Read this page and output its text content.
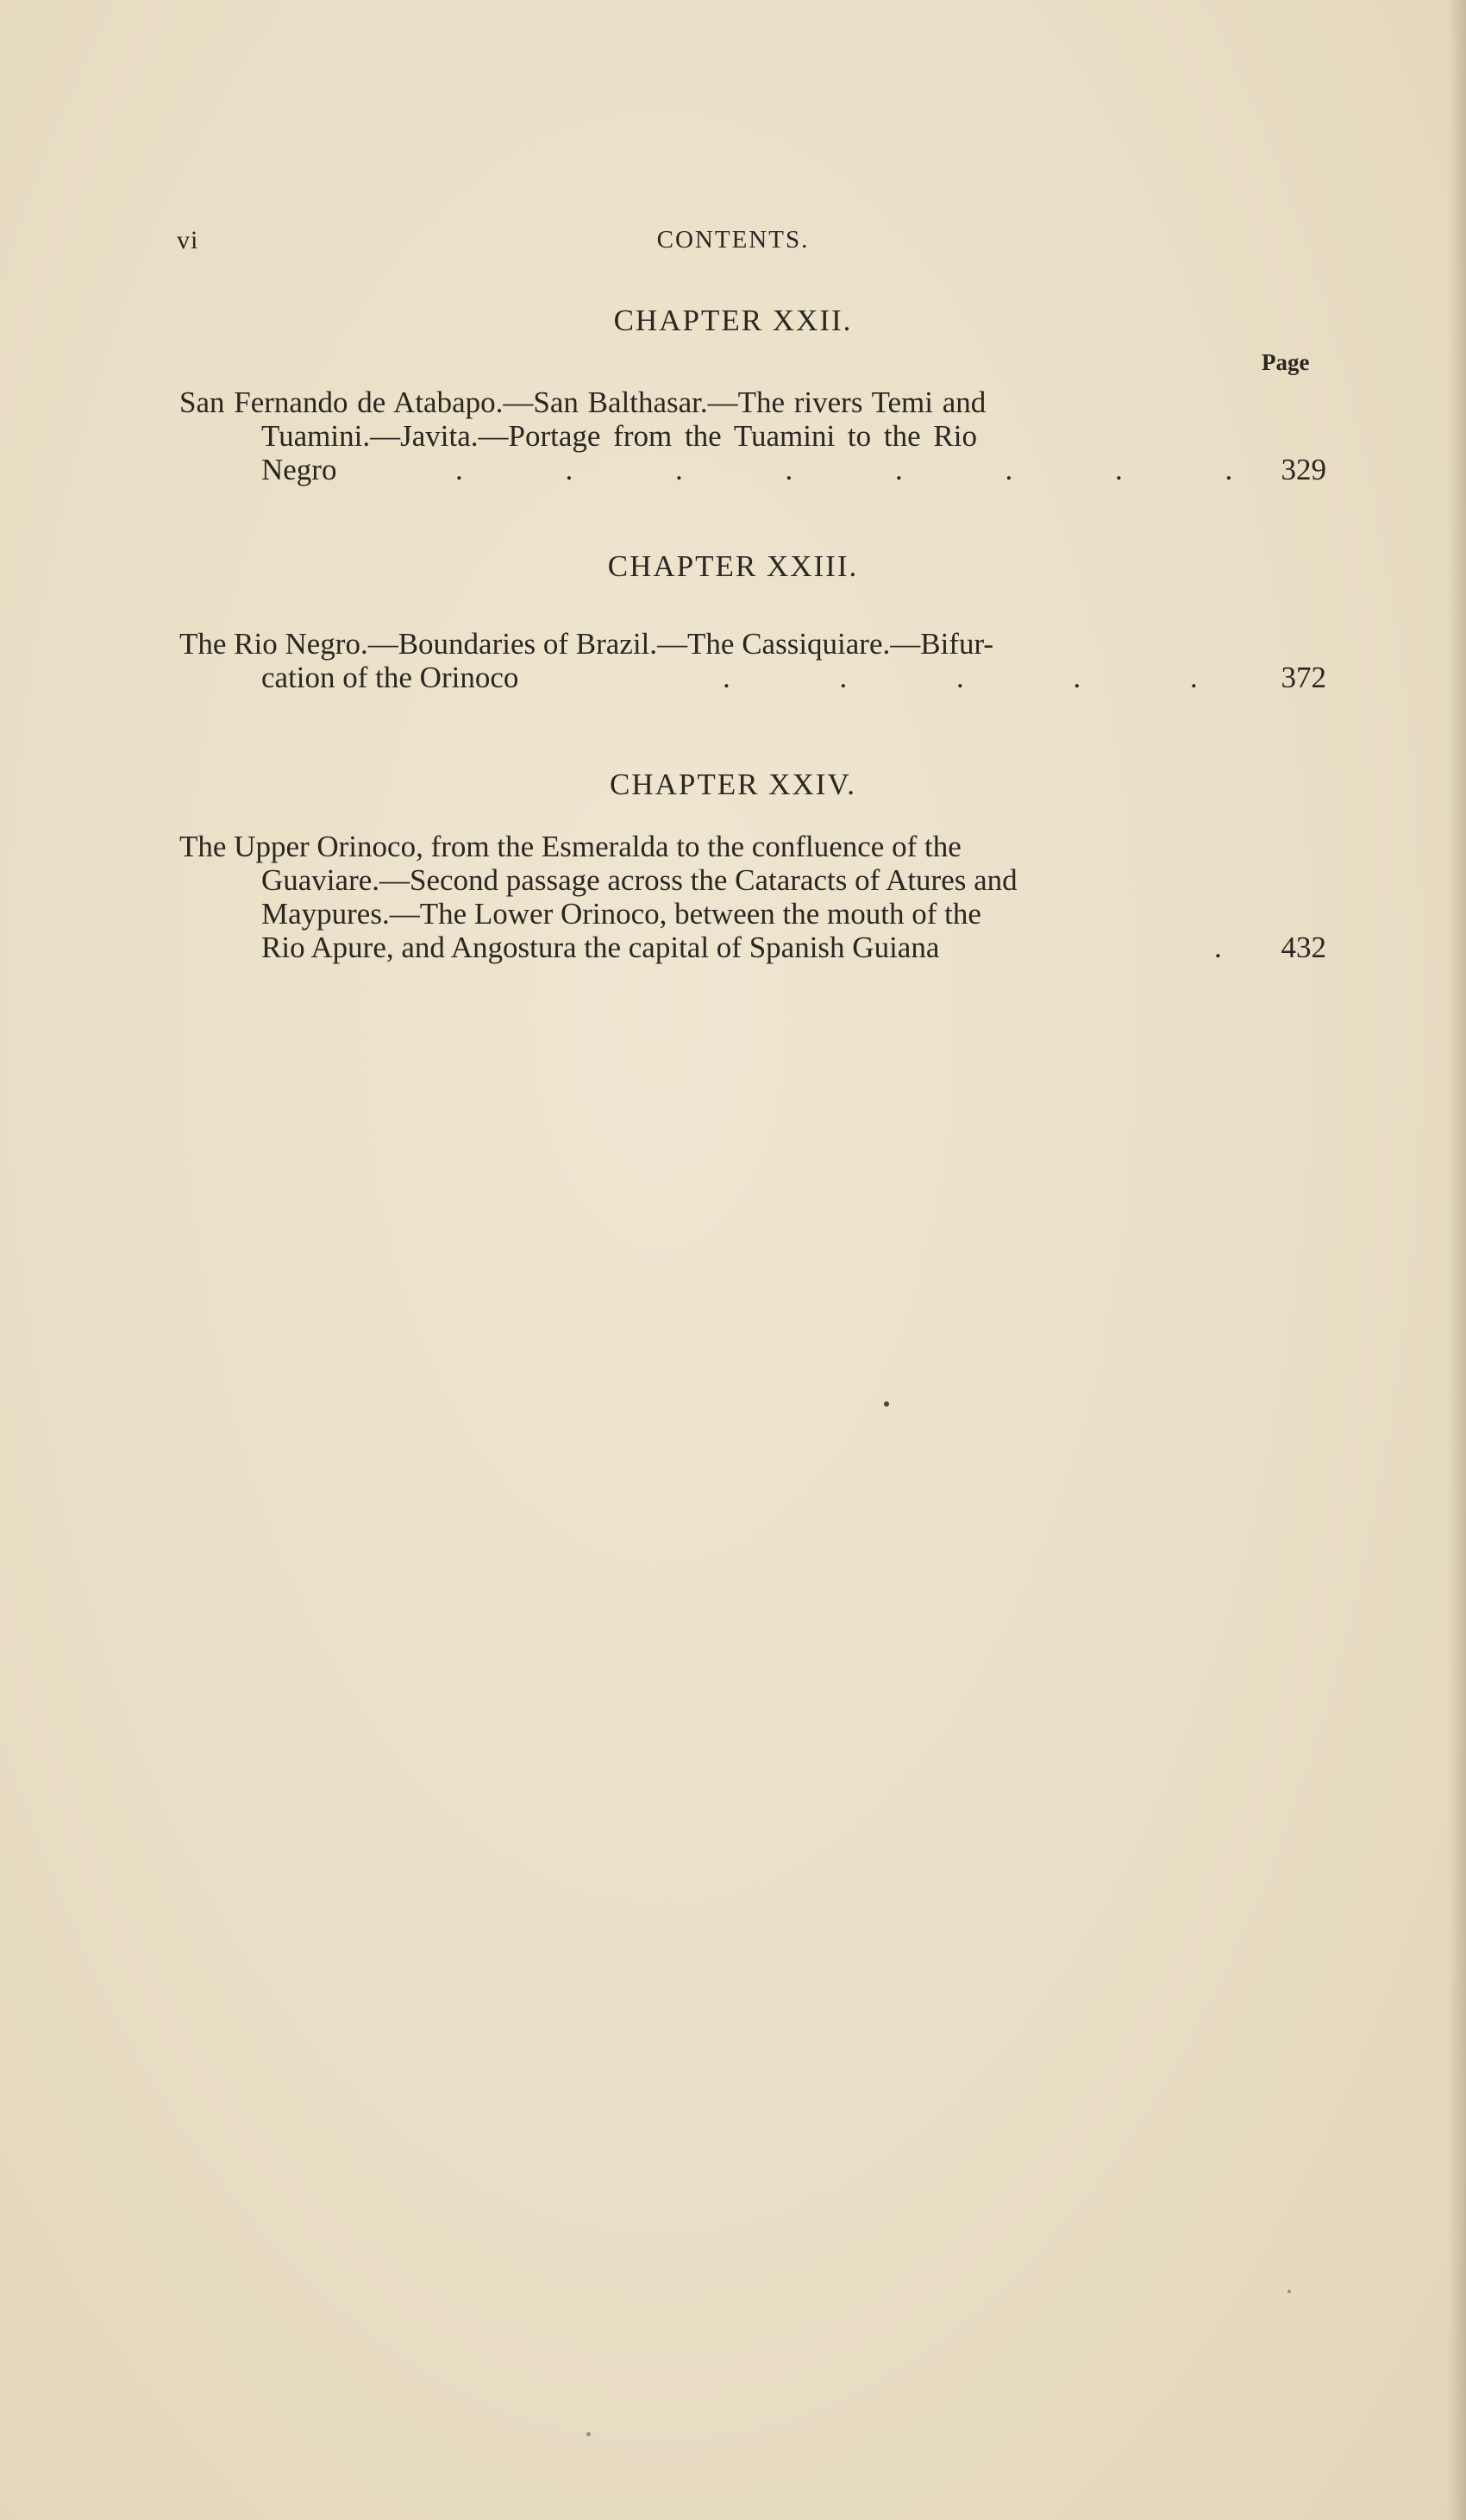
vi	CONTENTS.
Page
CHAPTER XXII.
San Fernando de Atabapo.—San Balthasar.—The rivers Temi and
Tuamini.—Javita.—Portage from the Tuamini to the Rio
Negro	. . . . . . . .	329
CHAPTER XXIII.
The Rio Negro.—Boundaries of Brazil.—The Cassiquiare.—Bifur-
cation of the Orinoco	. . . . .	372
CHAPTER XXIV.
The Upper Orinoco, from the Esmeralda to the confluence of the
Guaviare.—Second passage across the Cataracts of Atures and
Maypures.—The Lower Orinoco, between the mouth of the
Rio Apure, and Angostura the capital of Spanish Guiana	.	432
